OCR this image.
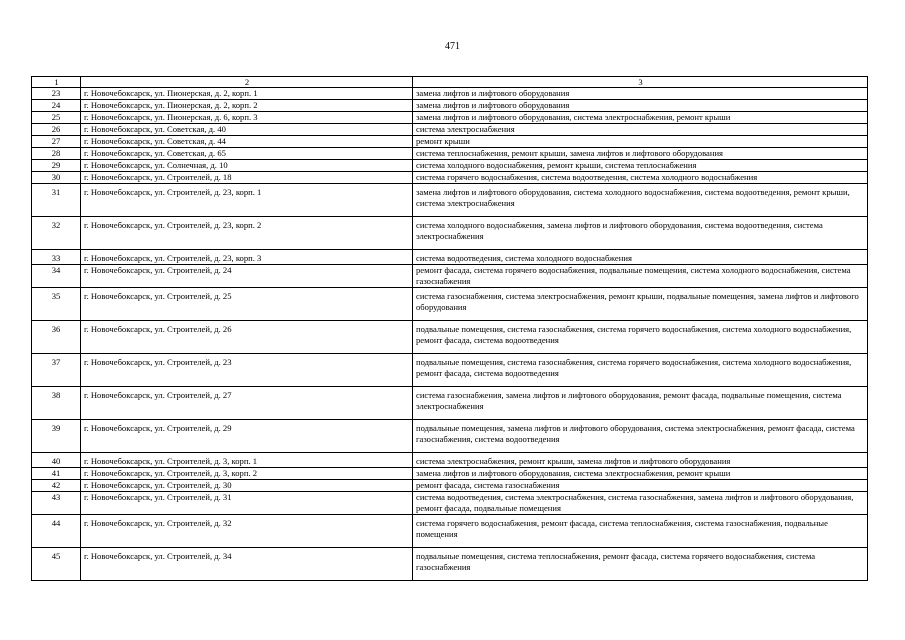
471
1	2	3
23	г. Новочебоксарск, ул. Пионерская, д. 2, корп. 1	замена лифтов и лифтового оборудования
24	г. Новочебоксарск, ул. Пионерская, д. 2, корп. 2	замена лифтов и лифтового оборудования
25	г. Новочебоксарск, ул. Пионерская, д. 6, корп. 3	замена лифтов и лифтового оборудования, система электроснабжения, ремонт крыши
26	г. Новочебоксарск, ул. Советская, д. 40	система электроснабжения
27	г. Новочебоксарск, ул. Советская, д. 44	ремонт крыши
28	г. Новочебоксарск, ул. Советская, д. 65	система теплоснабжения, ремонт крыши, замена лифтов и лифтового оборудования
29	г. Новочебоксарск, ул. Солнечная, д. 10	система холодного водоснабжения, ремонт крыши, система теплоснабжения
30	г. Новочебоксарск, ул. Строителей, д. 18	система горячего водоснабжения, система водоотведения, система холодного водоснабжения
31	г. Новочебоксарск, ул. Строителей, д. 23, корп. 1	замена лифтов и лифтового оборудования, система холодного водоснабжения, система водоотведения, ремонт крыши, система электроснабжения
32	г. Новочебоксарск, ул. Строителей, д. 23, корп. 2	система холодного водоснабжения, замена лифтов и лифтового оборудования, система водоотведения, система электроснабжения
33	г. Новочебоксарск, ул. Строителей, д. 23, корп. 3	система водоотведения, система холодного водоснабжения
34	г. Новочебоксарск, ул. Строителей, д. 24	ремонт фасада, система горячего водоснабжения, подвальные помещения, система холодного водоснабжения, система газоснабжения
35	г. Новочебоксарск, ул. Строителей, д. 25	система газоснабжения, система электроснабжения, ремонт крыши, подвальные помещения, замена лифтов и лифтового оборудования
36	г. Новочебоксарск, ул. Строителей, д. 26	подвальные помещения, система газоснабжения, система горячего водоснабжения, система холодного водоснабжения, ремонт фасада, система водоотведения
37	г. Новочебоксарск, ул. Строителей, д. 23	подвальные помещения, система газоснабжения, система горячего водоснабжения, система холодного водоснабжения, ремонт фасада, система водоотведения
38	г. Новочебоксарск, ул. Строителей, д. 27	система газоснабжения, замена лифтов и лифтового оборудования, ремонт фасада, подвальные помещения, система электроснабжения
39	г. Новочебоксарск, ул. Строителей, д. 29	подвальные помещения, замена лифтов и лифтового оборудования, система электроснабжения, ремонт фасада, система газоснабжения, система водоотведения
40	г. Новочебоксарск, ул. Строителей, д. 3, корп. 1	система электроснабжения, ремонт крыши, замена лифтов и лифтового оборудования
41	г. Новочебоксарск, ул. Строителей, д. 3, корп. 2	замена лифтов и лифтового оборудования, система электроснабжения, ремонт крыши
42	г. Новочебоксарск, ул. Строителей, д. 30	ремонт фасада, система газоснабжения
43	г. Новочебоксарск, ул. Строителей, д. 31	система водоотведения, система электроснабжения, система газоснабжения, замена лифтов и лифтового оборудования, ремонт фасада, подвальные помещения
44	г. Новочебоксарск, ул. Строителей, д. 32	система горячего водоснабжения, ремонт фасада, система теплоснабжения, система газоснабжения, подвальные помещения
45	г. Новочебоксарск, ул. Строителей, д. 34	подвальные помещения, система теплоснабжения, ремонт фасада, система горячего водоснабжения, система газоснабжения
